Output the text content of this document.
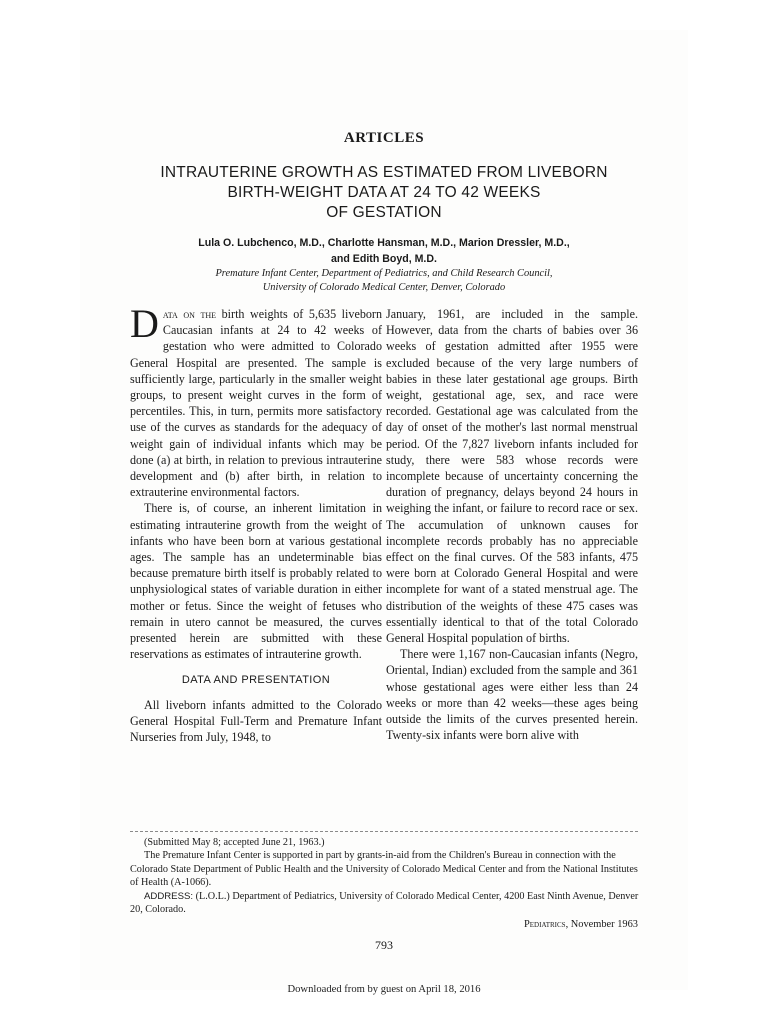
ARTICLES
INTRAUTERINE GROWTH AS ESTIMATED FROM LIVEBORN
BIRTH-WEIGHT DATA AT 24 TO 42 WEEKS
OF GESTATION
Lula O. Lubchenco, M.D., Charlotte Hansman, M.D., Marion Dressler, M.D.,
and Edith Boyd, M.D.
Premature Infant Center, Department of Pediatrics, and Child Research Council,
University of Colorado Medical Center, Denver, Colorado

Data on the birth weights of 5,635 liveborn Caucasian infants at 24 to 42 weeks of gestation who were admitted to Colorado General Hospital are presented. The sample is sufficiently large, particularly in the smaller weight groups, to present weight curves in the form of percentiles. This, in turn, permits more satisfactory use of the curves as standards for the adequacy of weight gain of individual infants which may be done (a) at birth, in relation to previous intrauterine development and (b) after birth, in relation to extrauterine environmental factors.

There is, of course, an inherent limitation in estimating intrauterine growth from the weight of infants who have been born at various gestational ages. The sample has an undeterminable bias because premature birth itself is probably related to unphysiological states of variable duration in either mother or fetus. Since the weight of fetuses who remain in utero cannot be measured, the curves presented herein are submitted with these reservations as estimates of intrauterine growth.

DATA AND PRESENTATION

All liveborn infants admitted to the Colorado General Hospital Full-Term and Premature Infant Nurseries from July, 1948, to

January, 1961, are included in the sample. However, data from the charts of babies over 36 weeks of gestation admitted after 1955 were excluded because of the very large numbers of babies in these later gestational age groups. Birth weight, gestational age, sex, and race were recorded. Gestational age was calculated from the day of onset of the mother's last normal menstrual period. Of the 7,827 liveborn infants included for study, there were 583 whose records were incomplete because of uncertainty concerning the duration of pregnancy, delays beyond 24 hours in weighing the infant, or failure to record race or sex. The accumulation of unknown causes for incomplete records probably has no appreciable effect on the final curves. Of the 583 infants, 475 were born at Colorado General Hospital and were incomplete for want of a stated menstrual age. The distribution of the weights of these 475 cases was essentially identical to that of the total Colorado General Hospital population of births.

There were 1,167 non-Caucasian infants (Negro, Oriental, Indian) excluded from the sample and 361 whose gestational ages were either less than 24 weeks or more than 42 weeks—these ages being outside the limits of the curves presented herein. Twenty-six infants were born alive with

(Submitted May 8; accepted June 21, 1963.)

The Premature Infant Center is supported in part by grants-in-aid from the Children's Bureau in connection with the Colorado State Department of Public Health and the University of Colorado Medical Center and from the National Institutes of Health (A-1066).

ADDRESS: (L.O.L.) Department of Pediatrics, University of Colorado Medical Center, 4200 East Ninth Avenue, Denver 20, Colorado.

Pediatrics, November 1963
793
Downloaded from by guest on April 18, 2016
